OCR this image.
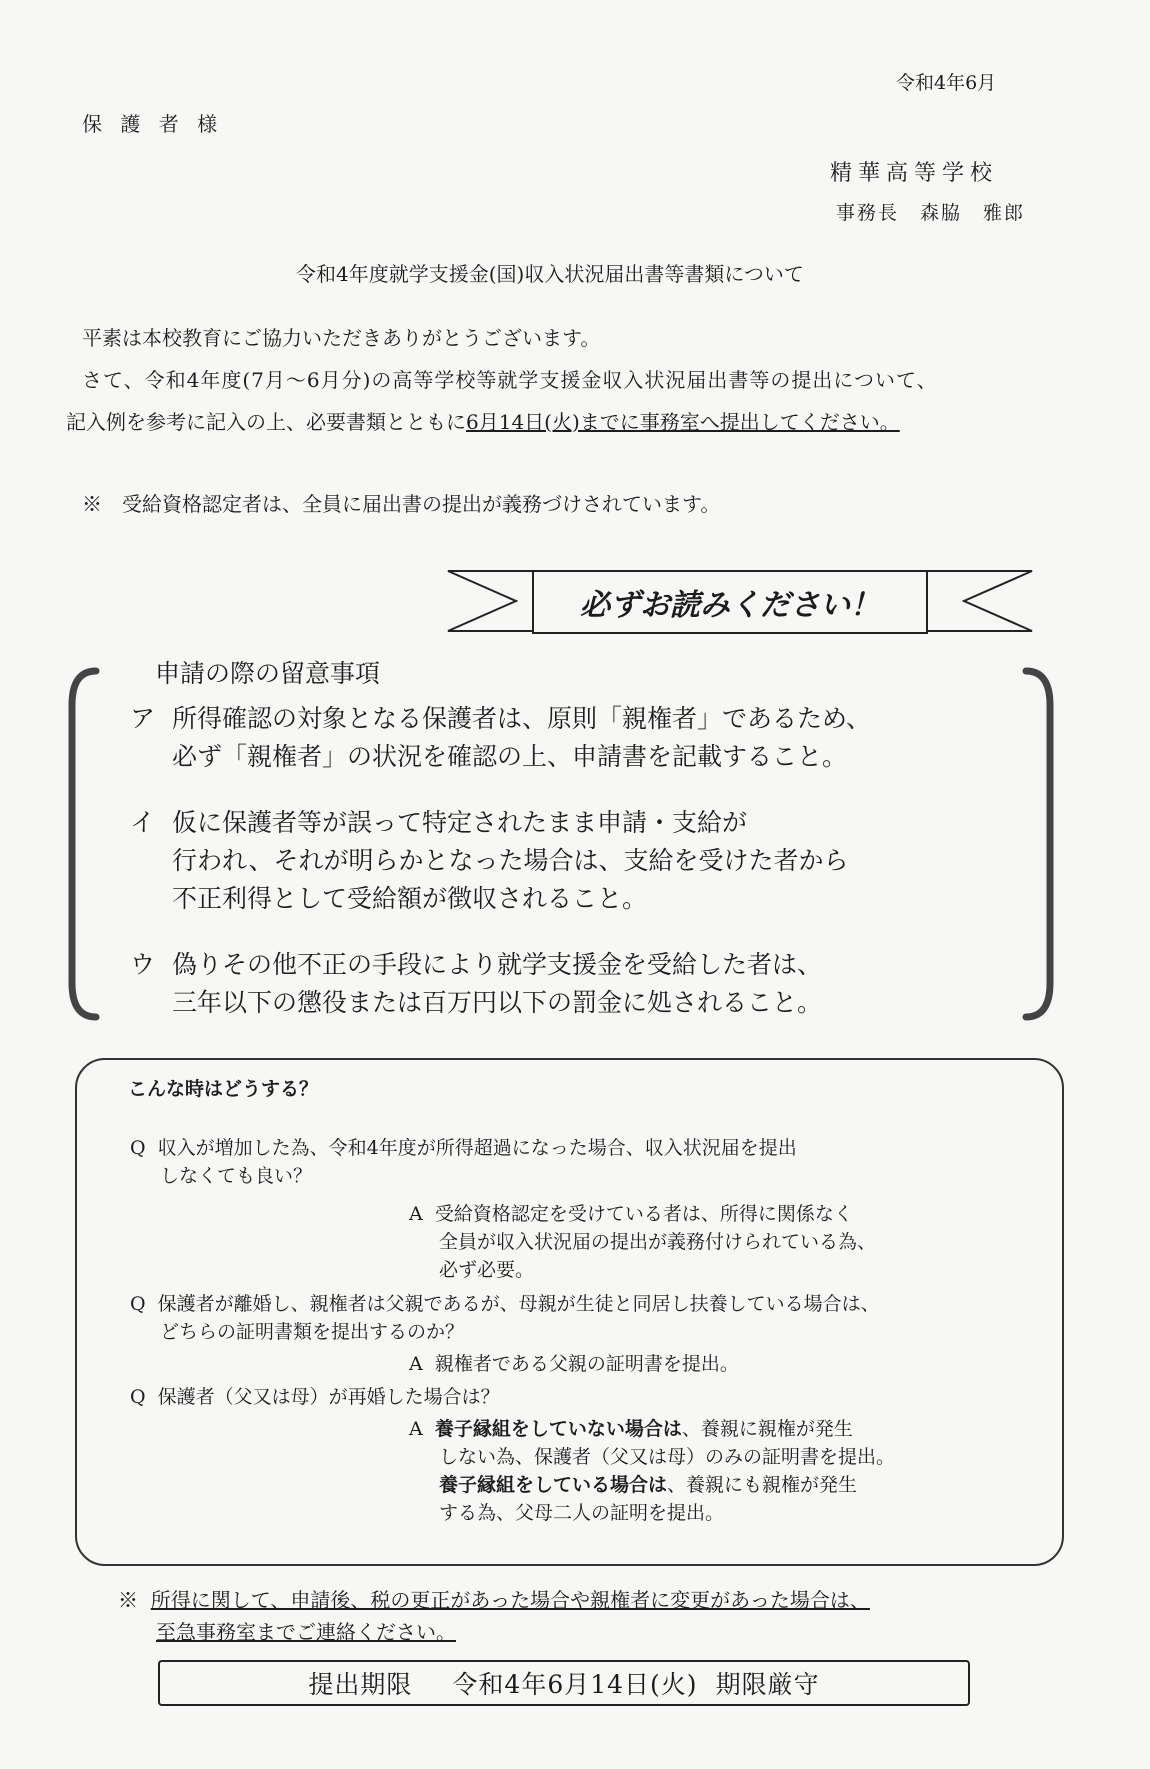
令和4年6月
保 護 者 様
精華高等学校
事務長　森脇　雅郎
令和4年度就学支援金(国)収入状況届出書等書類について
平素は本校教育にご協力いただきありがとうございます。
さて、令和4年度(7月～6月分)の高等学校等就学支援金収入状況届出書等の提出について、
記入例を参考に記入の上、必要書類とともに6月14日(火)までに事務室へ提出してください。
※　受給資格認定者は、全員に届出書の提出が義務づけされています。
必ずお読みください！
申請の際の留意事項
ア 所得確認の対象となる保護者は、原則「親権者」であるため、
必ず「親権者」の状況を確認の上、申請書を記載すること。
イ 仮に保護者等が誤って特定されたまま申請・支給が
行われ、それが明らかとなった場合は、支給を受けた者から
不正利得として受給額が徴収されること。
ウ 偽りその他不正の手段により就学支援金を受給した者は、
三年以下の懲役または百万円以下の罰金に処されること。
こんな時はどうする？
Q 収入が増加した為、令和4年度が所得超過になった場合、収入状況届を提出
しなくても良い？
A 受給資格認定を受けている者は、所得に関係なく
全員が収入状況届の提出が義務付けられている為、
必ず必要。
Q 保護者が離婚し、親権者は父親であるが、母親が生徒と同居し扶養している場合は、
どちらの証明書類を提出するのか？
A 親権者である父親の証明書を提出。
Q 保護者（父又は母）が再婚した場合は？
A 養子縁組をしていない場合は、養親に親権が発生
しない為、保護者（父又は母）のみの証明書を提出。
養子縁組をしている場合は、養親にも親権が発生
する為、父母二人の証明を提出。
※ 所得に関して、申請後、税の更正があった場合や親権者に変更があった場合は、
至急事務室までご連絡ください。
提出期限 令和4年6月14日(火) 期限厳守
